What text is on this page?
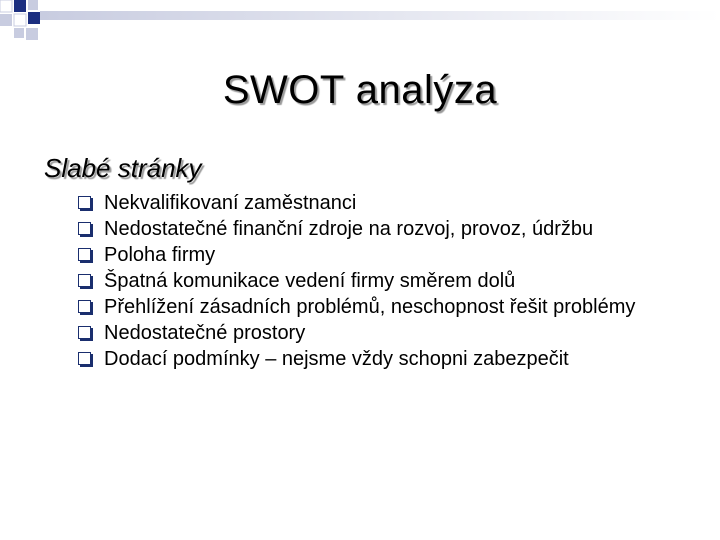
SWOT analýza
Slabé stránky
Nekvalifikovaní zaměstnanci
Nedostatečné finanční zdroje na rozvoj, provoz, údržbu
Poloha firmy
Špatná komunikace vedení firmy směrem dolů
Přehlížení zásadních problémů, neschopnost řešit problémy
Nedostatečné prostory
Dodací podmínky – nejsme vždy schopni zabezpečit
